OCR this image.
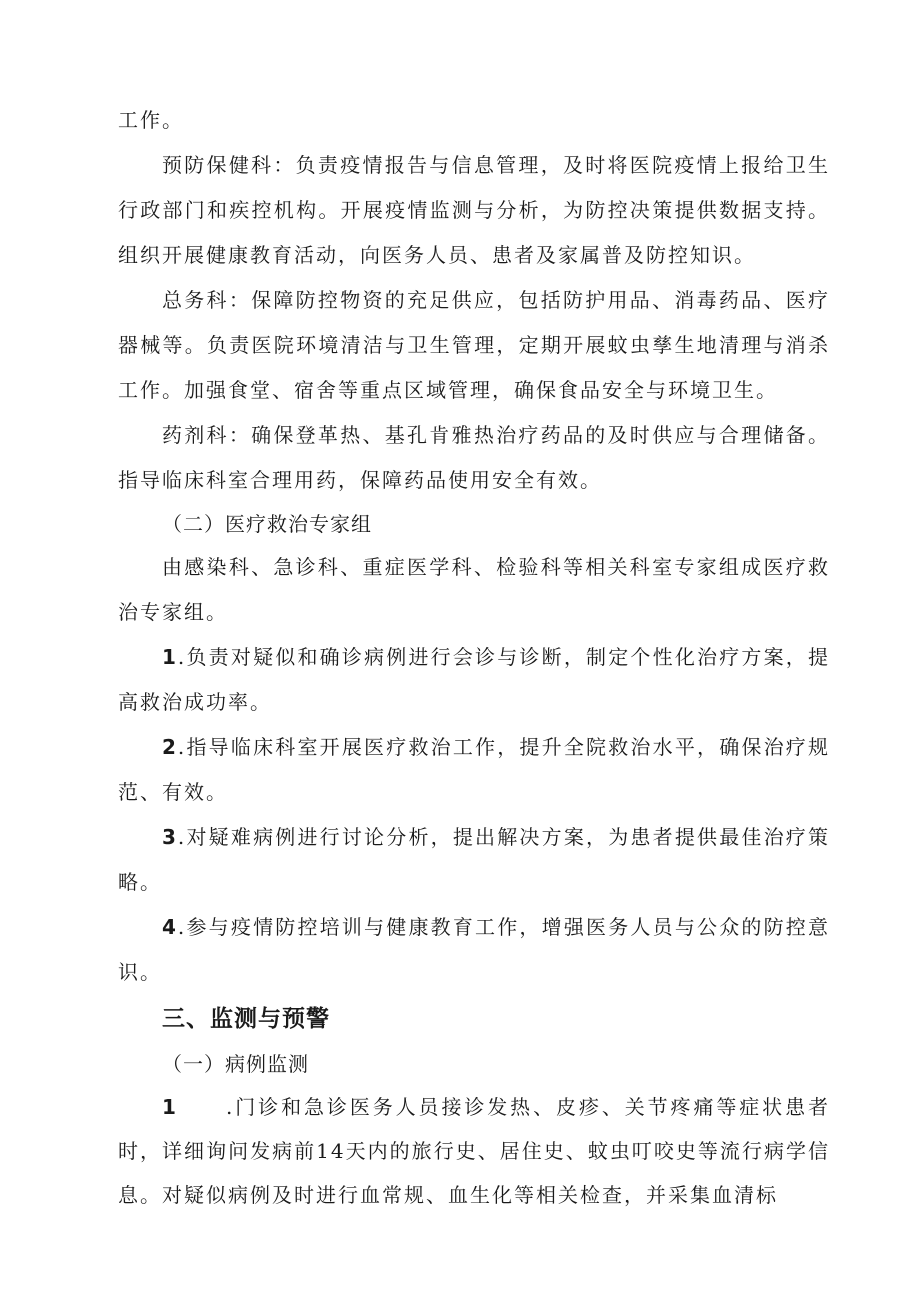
工作。

预防保健科：负责疫情报告与信息管理，及时将医院疫情上报给卫生行政部门和疾控机构。开展疫情监测与分析，为防控决策提供数据支持。组织开展健康教育活动，向医务人员、患者及家属普及防控知识。

总务科：保障防控物资的充足供应，包括防护用品、消毒药品、医疗器械等。负责医院环境清洁与卫生管理，定期开展蚊虫孳生地清理与消杀工作。加强食堂、宿舍等重点区域管理，确保食品安全与环境卫生。

药剂科：确保登革热、基孔肯雅热治疗药品的及时供应与合理储备。指导临床科室合理用药，保障药品使用安全有效。

（二）医疗救治专家组

由感染科、急诊科、重症医学科、检验科等相关科室专家组成医疗救治专家组。

1.负责对疑似和确诊病例进行会诊与诊断，制定个性化治疗方案，提高救治成功率。

2.指导临床科室开展医疗救治工作，提升全院救治水平，确保治疗规范、有效。

3.对疑难病例进行讨论分析，提出解决方案，为患者提供最佳治疗策略。

4.参与疫情防控培训与健康教育工作，增强医务人员与公众的防控意识。

三、监测与预警

（一）病例监测

1 .门诊和急诊医务人员接诊发热、皮疹、关节疼痛等症状患者时，详细询问发病前14天内的旅行史、居住史、蚊虫叮咬史等流行病学信息。对疑似病例及时进行血常规、血生化等相关检查，并采集血清标
